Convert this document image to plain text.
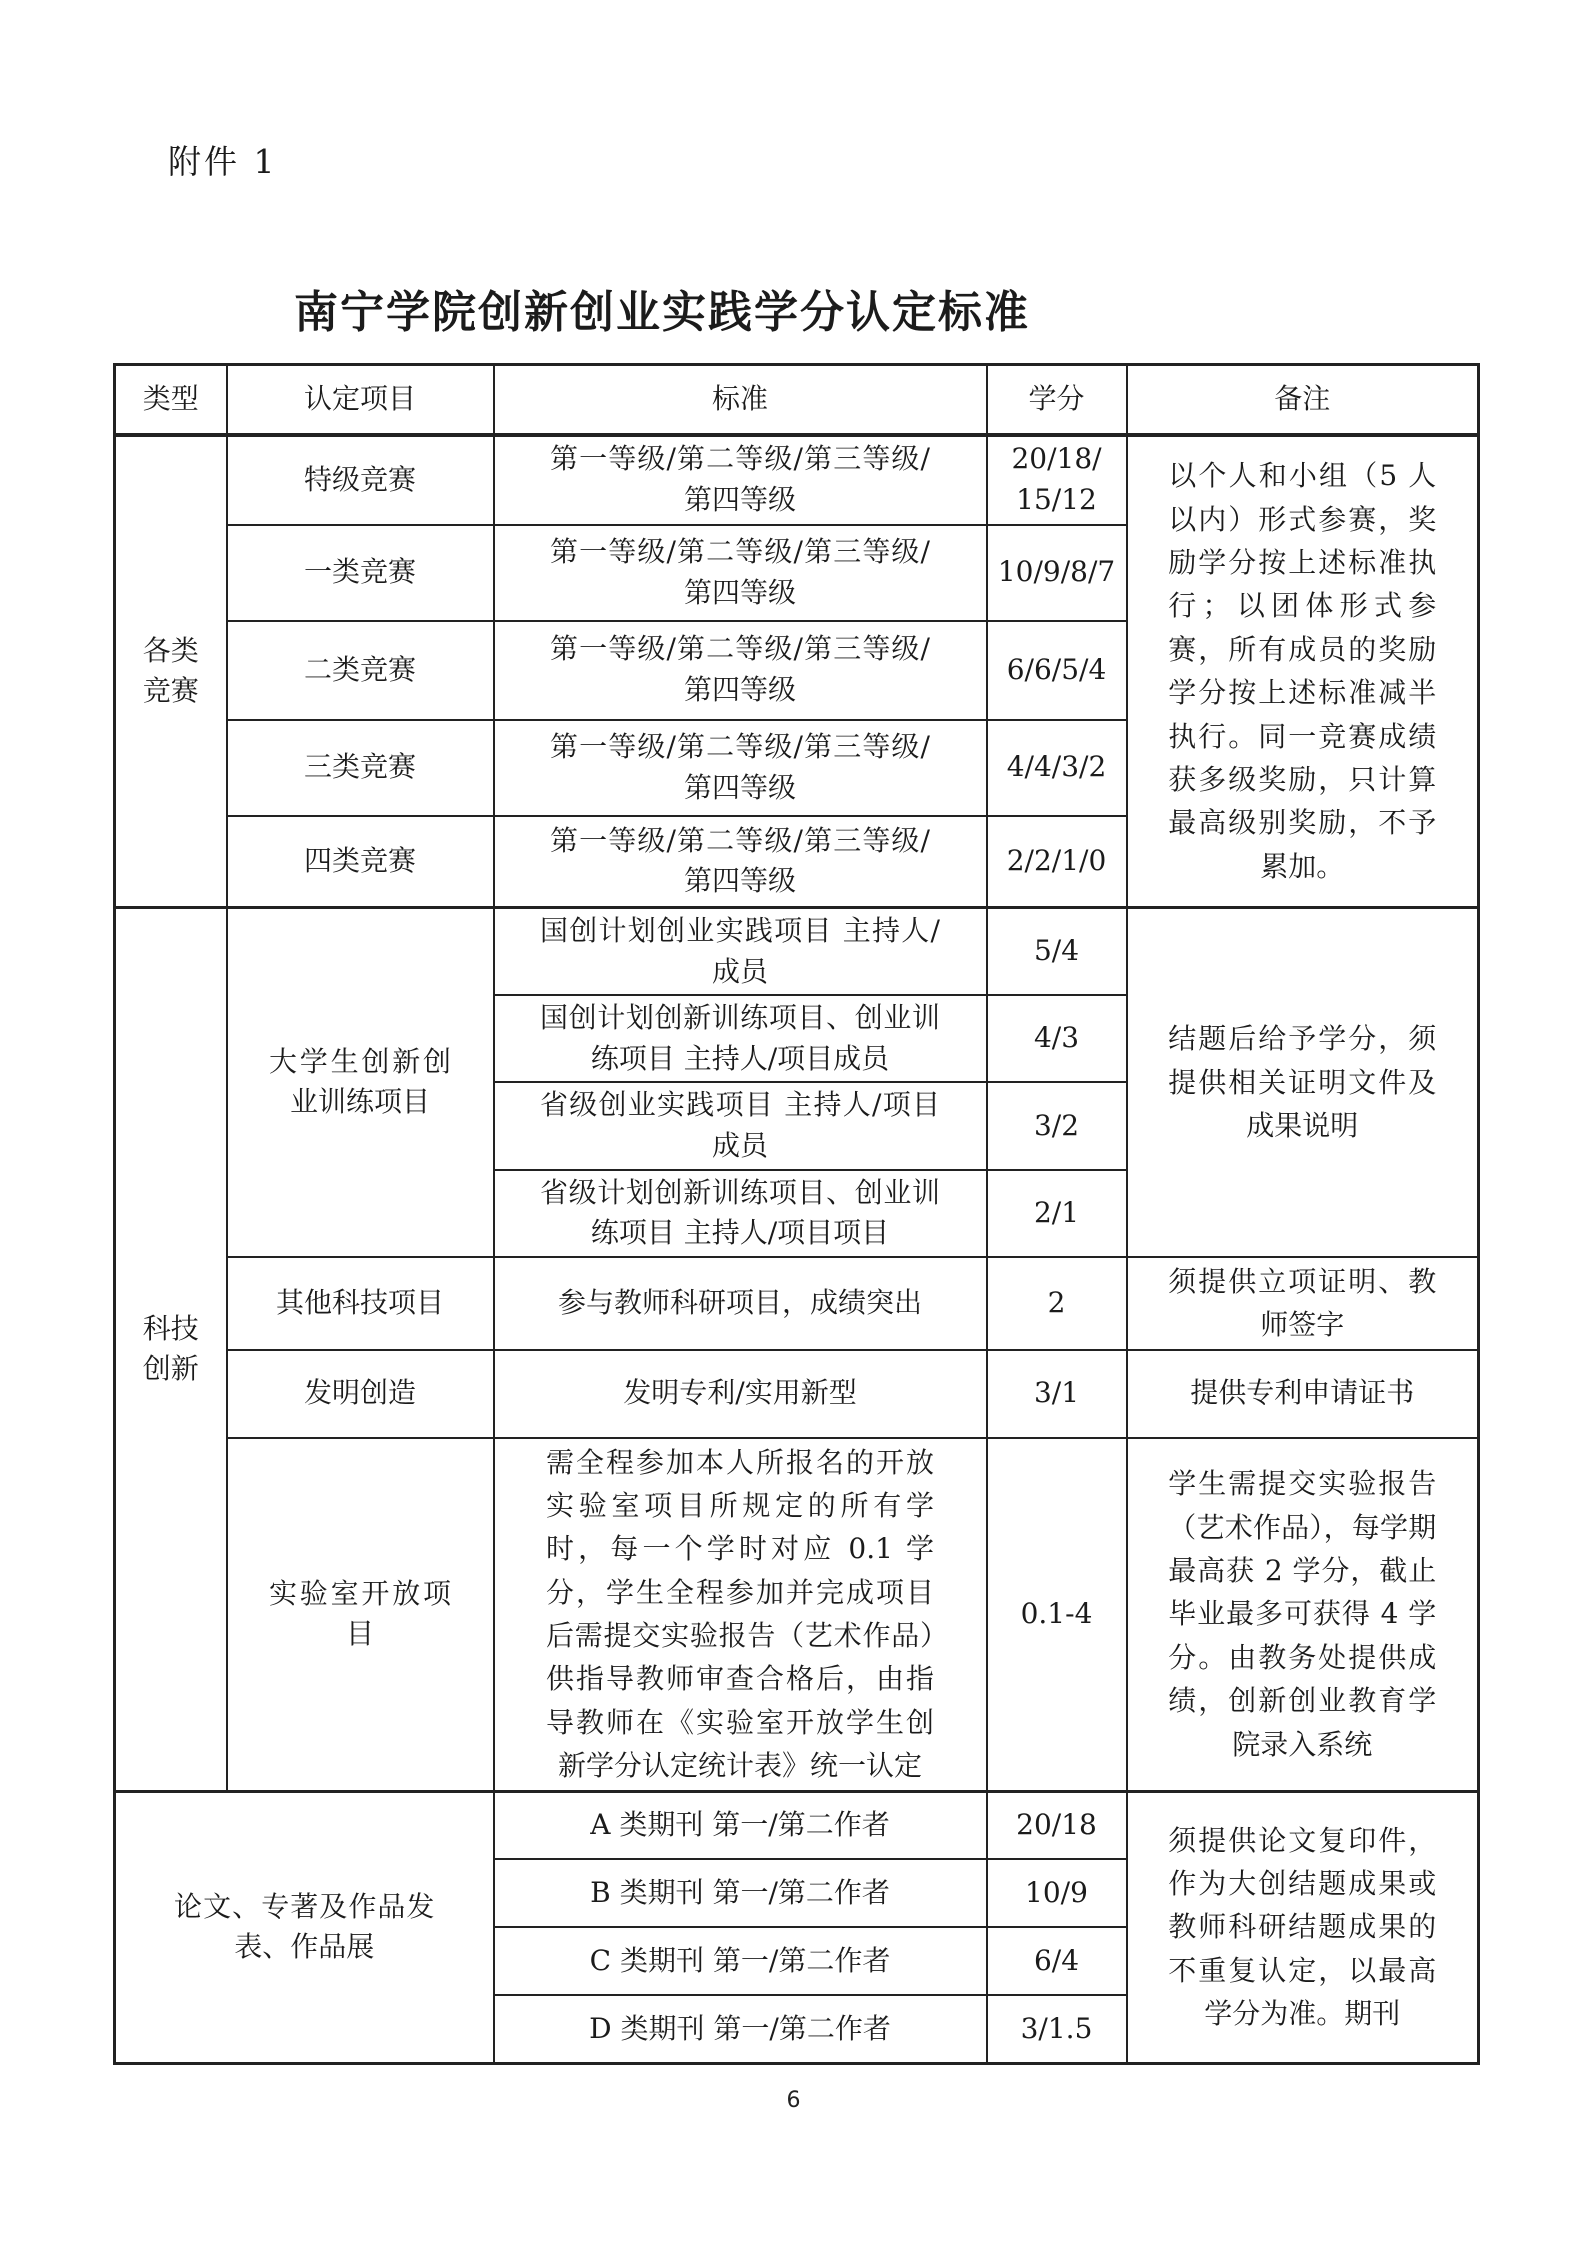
附件 1
南宁学院创新创业实践学分认定标准
类型	认定项目	标准	学分	备注
各类竞赛	特级竞赛	第一等级/第二等级/第三等级/第四等级	20/18/15/12	以个人和小组（5 人以内）形式参赛，奖励学分按上述标准执行；以团体形式参赛，所有成员的奖励学分按上述标准减半执行。同一竞赛成绩获多级奖励，只计算最高级别奖励，不予累加。
	一类竞赛	第一等级/第二等级/第三等级/第四等级	10/9/8/7	
	二类竞赛	第一等级/第二等级/第三等级/第四等级	6/6/5/4	
	三类竞赛	第一等级/第二等级/第三等级/第四等级	4/4/3/2	
	四类竞赛	第一等级/第二等级/第三等级/第四等级	2/2/1/0	
科技创新	大学生创新创业训练项目	国创计划创业实践项目 主持人/成员	5/4	结题后给予学分，须提供相关证明文件及成果说明
		国创计划创新训练项目、创业训练项目 主持人/项目成员	4/3	
		省级创业实践项目 主持人/项目成员	3/2	
		省级计划创新训练项目、创业训练项目 主持人/项目项目	2/1	
	其他科技项目	参与教师科研项目，成绩突出	2	须提供立项证明、教师签字
	发明创造	发明专利/实用新型	3/1	提供专利申请证书
	实验室开放项目	需全程参加本人所报名的开放实验室项目所规定的所有学时，每一个学时对应 0.1 学分，学生全程参加并完成项目后需提交实验报告（艺术作品）供指导教师审查合格后，由指导教师在《实验室开放学生创新学分认定统计表》统一认定	0.1-4	学生需提交实验报告（艺术作品），每学期最高获 2 学分，截止毕业最多可获得 4 学分。由教务处提供成绩，创新创业教育学院录入系统
论文、专著及作品发表、作品展		A 类期刊 第一/第二作者	20/18	须提供论文复印件，作为大创结题成果或教师科研结题成果的不重复认定，以最高学分为准。期刊
		B 类期刊 第一/第二作者	10/9	
		C 类期刊 第一/第二作者	6/4	
		D 类期刊 第一/第二作者	3/1.5	
6
